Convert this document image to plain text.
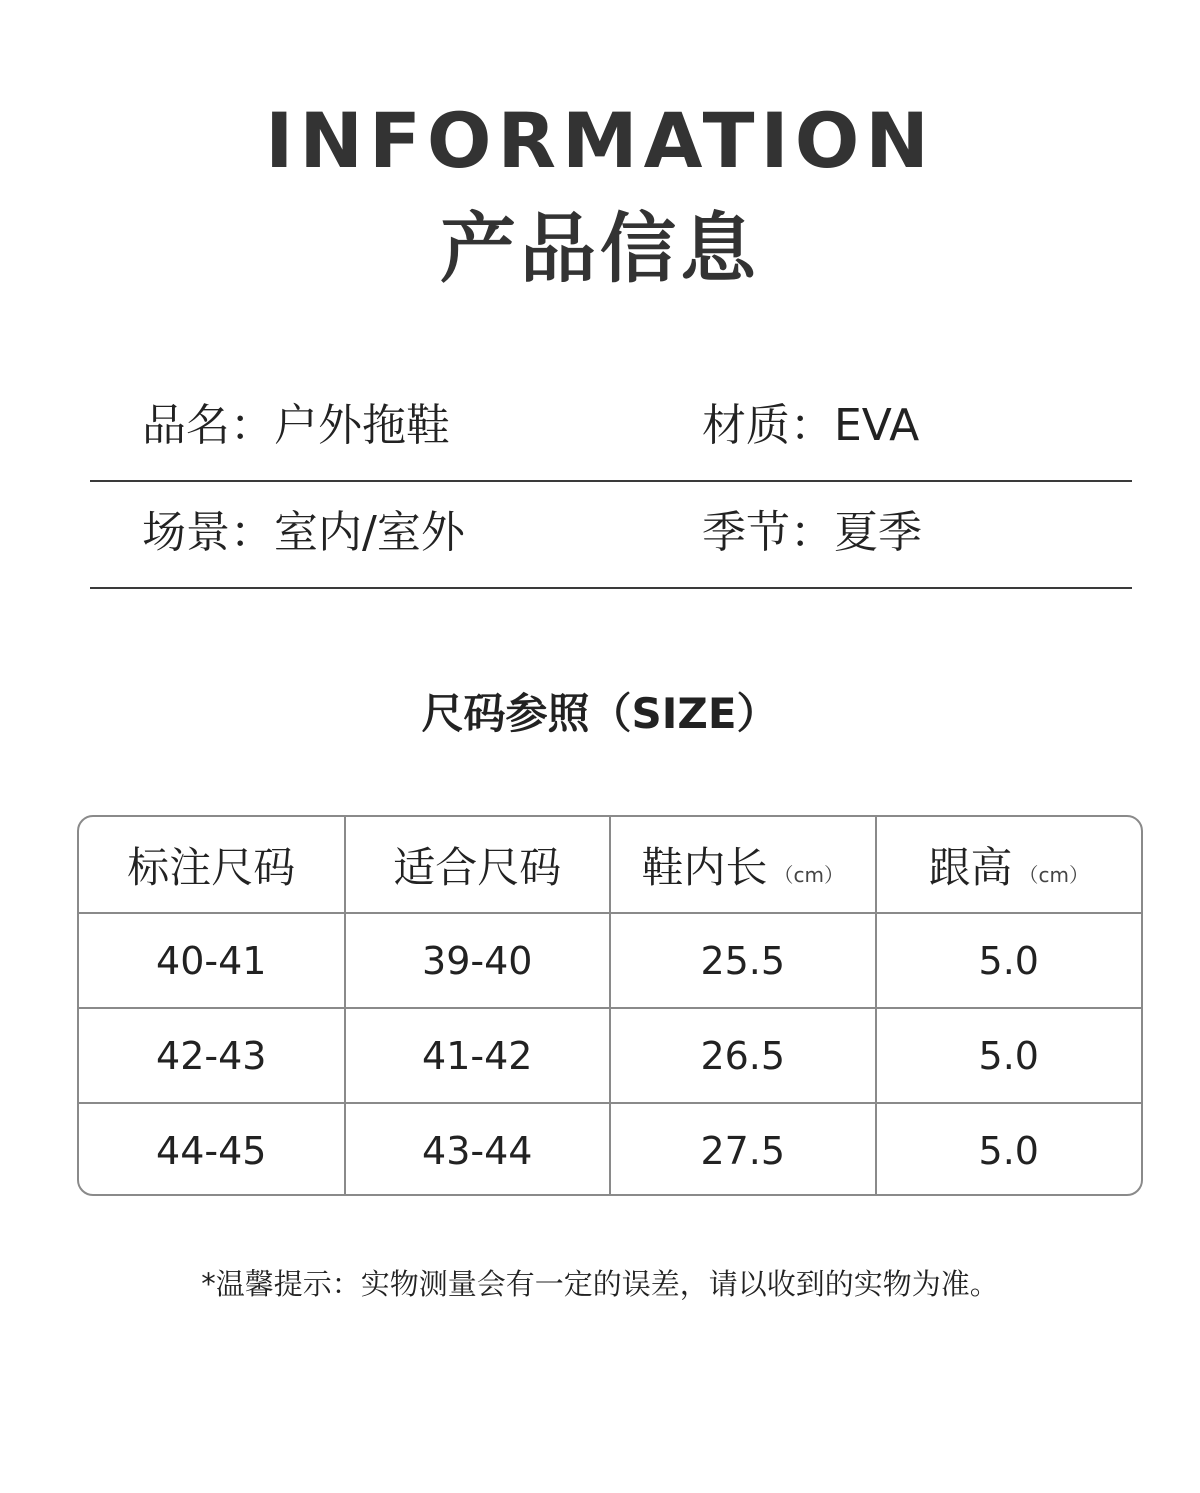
INFORMATION
产品信息
品名：户外拖鞋	材质：EVA
场景：室内/室外	季节：夏季
尺码参照（SIZE）
标注尺码	适合尺码	鞋内长 （cm）	跟高 （cm）
40-41	39-40	25.5	5.0
42-43	41-42	26.5	5.0
44-45	43-44	27.5	5.0
*温馨提示：实物测量会有一定的误差，请以收到的实物为准。
